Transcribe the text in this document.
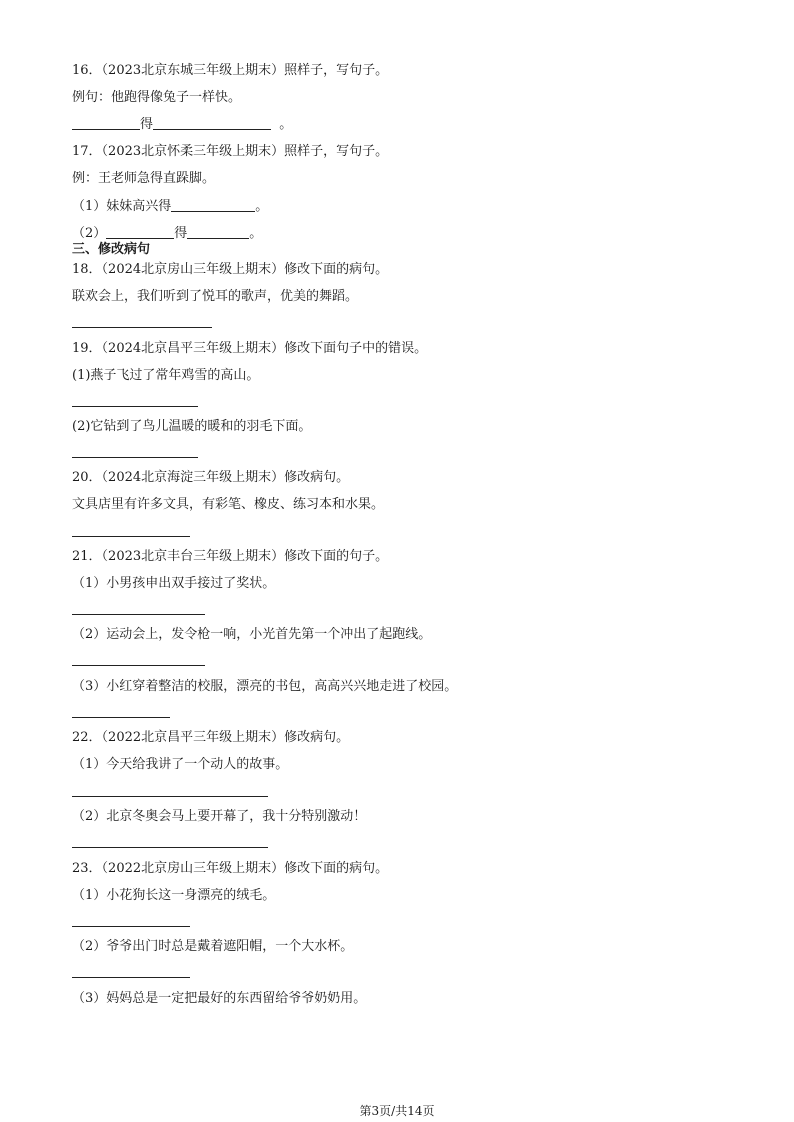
16．（2023北京东城三年级上期末）照样子，写句子。
例句：他跑得像兔子一样快。
得	。
17．（2023北京怀柔三年级上期末）照样子，写句子。
例：王老师急得直跺脚。
（1）妹妹高兴得	。
（2）	得	。
三、修改病句
18．（2024北京房山三年级上期末）修改下面的病句。
联欢会上，我们听到了悦耳的歌声，优美的舞蹈。
19．（2024北京昌平三年级上期末）修改下面句子中的错误。
(1)燕子飞过了常年鸡雪的高山。
(2)它钻到了鸟儿温暖的暖和的羽毛下面。
20．（2024北京海淀三年级上期末）修改病句。
文具店里有许多文具，有彩笔、橡皮、练习本和水果。
21．（2023北京丰台三年级上期末）修改下面的句子。
（1）小男孩申出双手接过了奖状。
（2）运动会上，发令枪一响，小光首先第一个冲出了起跑线。
（3）小红穿着整洁的校服，漂亮的书包，高高兴兴地走进了校园。
22．（2022北京昌平三年级上期末）修改病句。
（1）今天给我讲了一个动人的故事。
（2）北京冬奥会马上要开幕了，我十分特别激动！
23．（2022北京房山三年级上期末）修改下面的病句。
（1）小花狗长这一身漂亮的绒毛。
（2）爷爷出门时总是戴着遮阳帽，一个大水杯。
（3）妈妈总是一定把最好的东西留给爷爷奶奶用。
第3页/共14页
